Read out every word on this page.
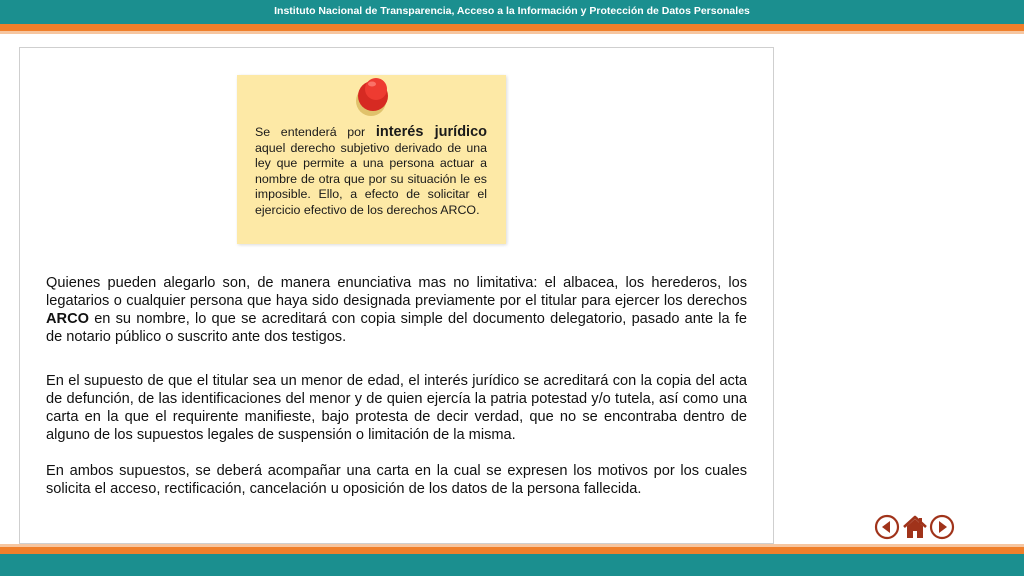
Instituto Nacional de Transparencia, Acceso a la Información y Protección de Datos Personales
Se entenderá por interés jurídico aquel derecho subjetivo derivado de una ley que permite a una persona actuar a nombre de otra que por su situación le es imposible. Ello, a efecto de solicitar el ejercicio efectivo de los derechos ARCO.

Quienes pueden alegarlo son, de manera enunciativa mas no limitativa: el albacea, los herederos, los legatarios o cualquier persona que haya sido designada previamente por el titular para ejercer los derechos ARCO en su nombre, lo que se acreditará con copia simple del documento delegatorio, pasado ante la fe de notario público o suscrito ante dos testigos.

En el supuesto de que el titular sea un menor de edad, el interés jurídico se acreditará con la copia del acta de defunción, de las identificaciones del menor y de quien ejercía la patria potestad y/o tutela, así como una carta en la que el requirente manifieste, bajo protesta de decir verdad, que no se encontraba dentro de alguno de los supuestos legales de suspensión o limitación de la misma.

En ambos supuestos, se deberá acompañar una carta en la cual se expresen los motivos por los cuales solicita el acceso, rectificación, cancelación u oposición de los datos de la persona fallecida.
